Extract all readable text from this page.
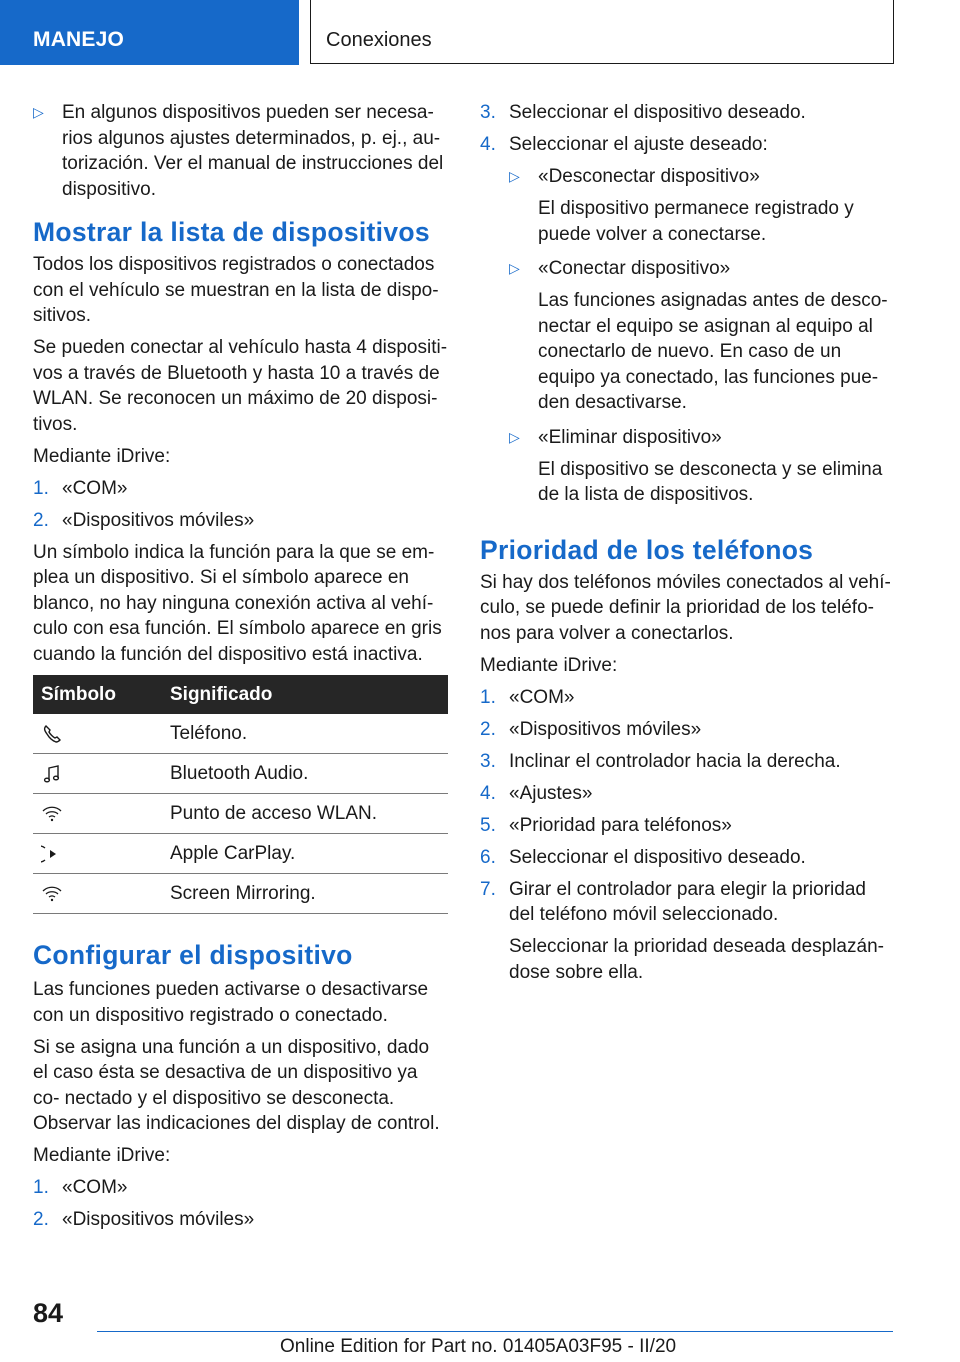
MANEJO	Conexiones
▷ En algunos dispositivos pueden ser necesa- rios algunos ajustes determinados, p. ej., au- torización. Ver el manual de instrucciones del dispositivo.
Mostrar la lista de dispositivos

Todos los dispositivos registrados o conectados con el vehículo se muestran en la lista de dispo- sitivos.

Se pueden conectar al vehículo hasta 4 dispositi- vos a través de Bluetooth y hasta 10 a través de WLAN. Se reconocen un máximo de 20 disposi- tivos.

Mediante iDrive:

1. «COM»
2. «Dispositivos móviles»

Un símbolo indica la función para la que se em- plea un dispositivo. Si el símbolo aparece en blanco, no hay ninguna conexión activa al vehí- culo con esa función. El símbolo aparece en gris cuando la función del dispositivo está inactiva.

Símbolo	Significado

	Teléfono.

	Bluetooth Audio.

	Punto de acceso WLAN.

	Apple CarPlay.

	Screen Mirroring.
Configurar el dispositivo

Las funciones pueden activarse o desactivarse con un dispositivo registrado o conectado.

Si se asigna una función a un dispositivo, dado el caso ésta se desactiva de un dispositivo ya co- nectado y el dispositivo se desconecta. Observar las indicaciones del display de control.

Mediante iDrive:

1. «COM»
2. «Dispositivos móviles»
3. Seleccionar el dispositivo deseado.
4. Seleccionar el ajuste deseado:
▷ «Desconectar dispositivo»

El dispositivo permanece registrado y puede volver a conectarse.

▷ «Conectar dispositivo»

Las funciones asignadas antes de desco- nectar el equipo se asignan al equipo al conectarlo de nuevo. En caso de un equipo ya conectado, las funciones pue- den desactivarse.

▷ «Eliminar dispositivo»

El dispositivo se desconecta y se elimina de la lista de dispositivos.

Prioridad de los teléfonos

Si hay dos teléfonos móviles conectados al vehí- culo, se puede definir la prioridad de los teléfo- nos para volver a conectarlos.

Mediante iDrive:

1. «COM»
2. «Dispositivos móviles»
3. Inclinar el controlador hacia la derecha.
4. «Ajustes»
5. «Prioridad para teléfonos»
6. Seleccionar el dispositivo deseado.
7. Girar el controlador para elegir la prioridad del teléfono móvil seleccionado.

Seleccionar la prioridad deseada desplazán- dose sobre ella.

84
Online Edition for Part no. 01405A03F95 - II/20
